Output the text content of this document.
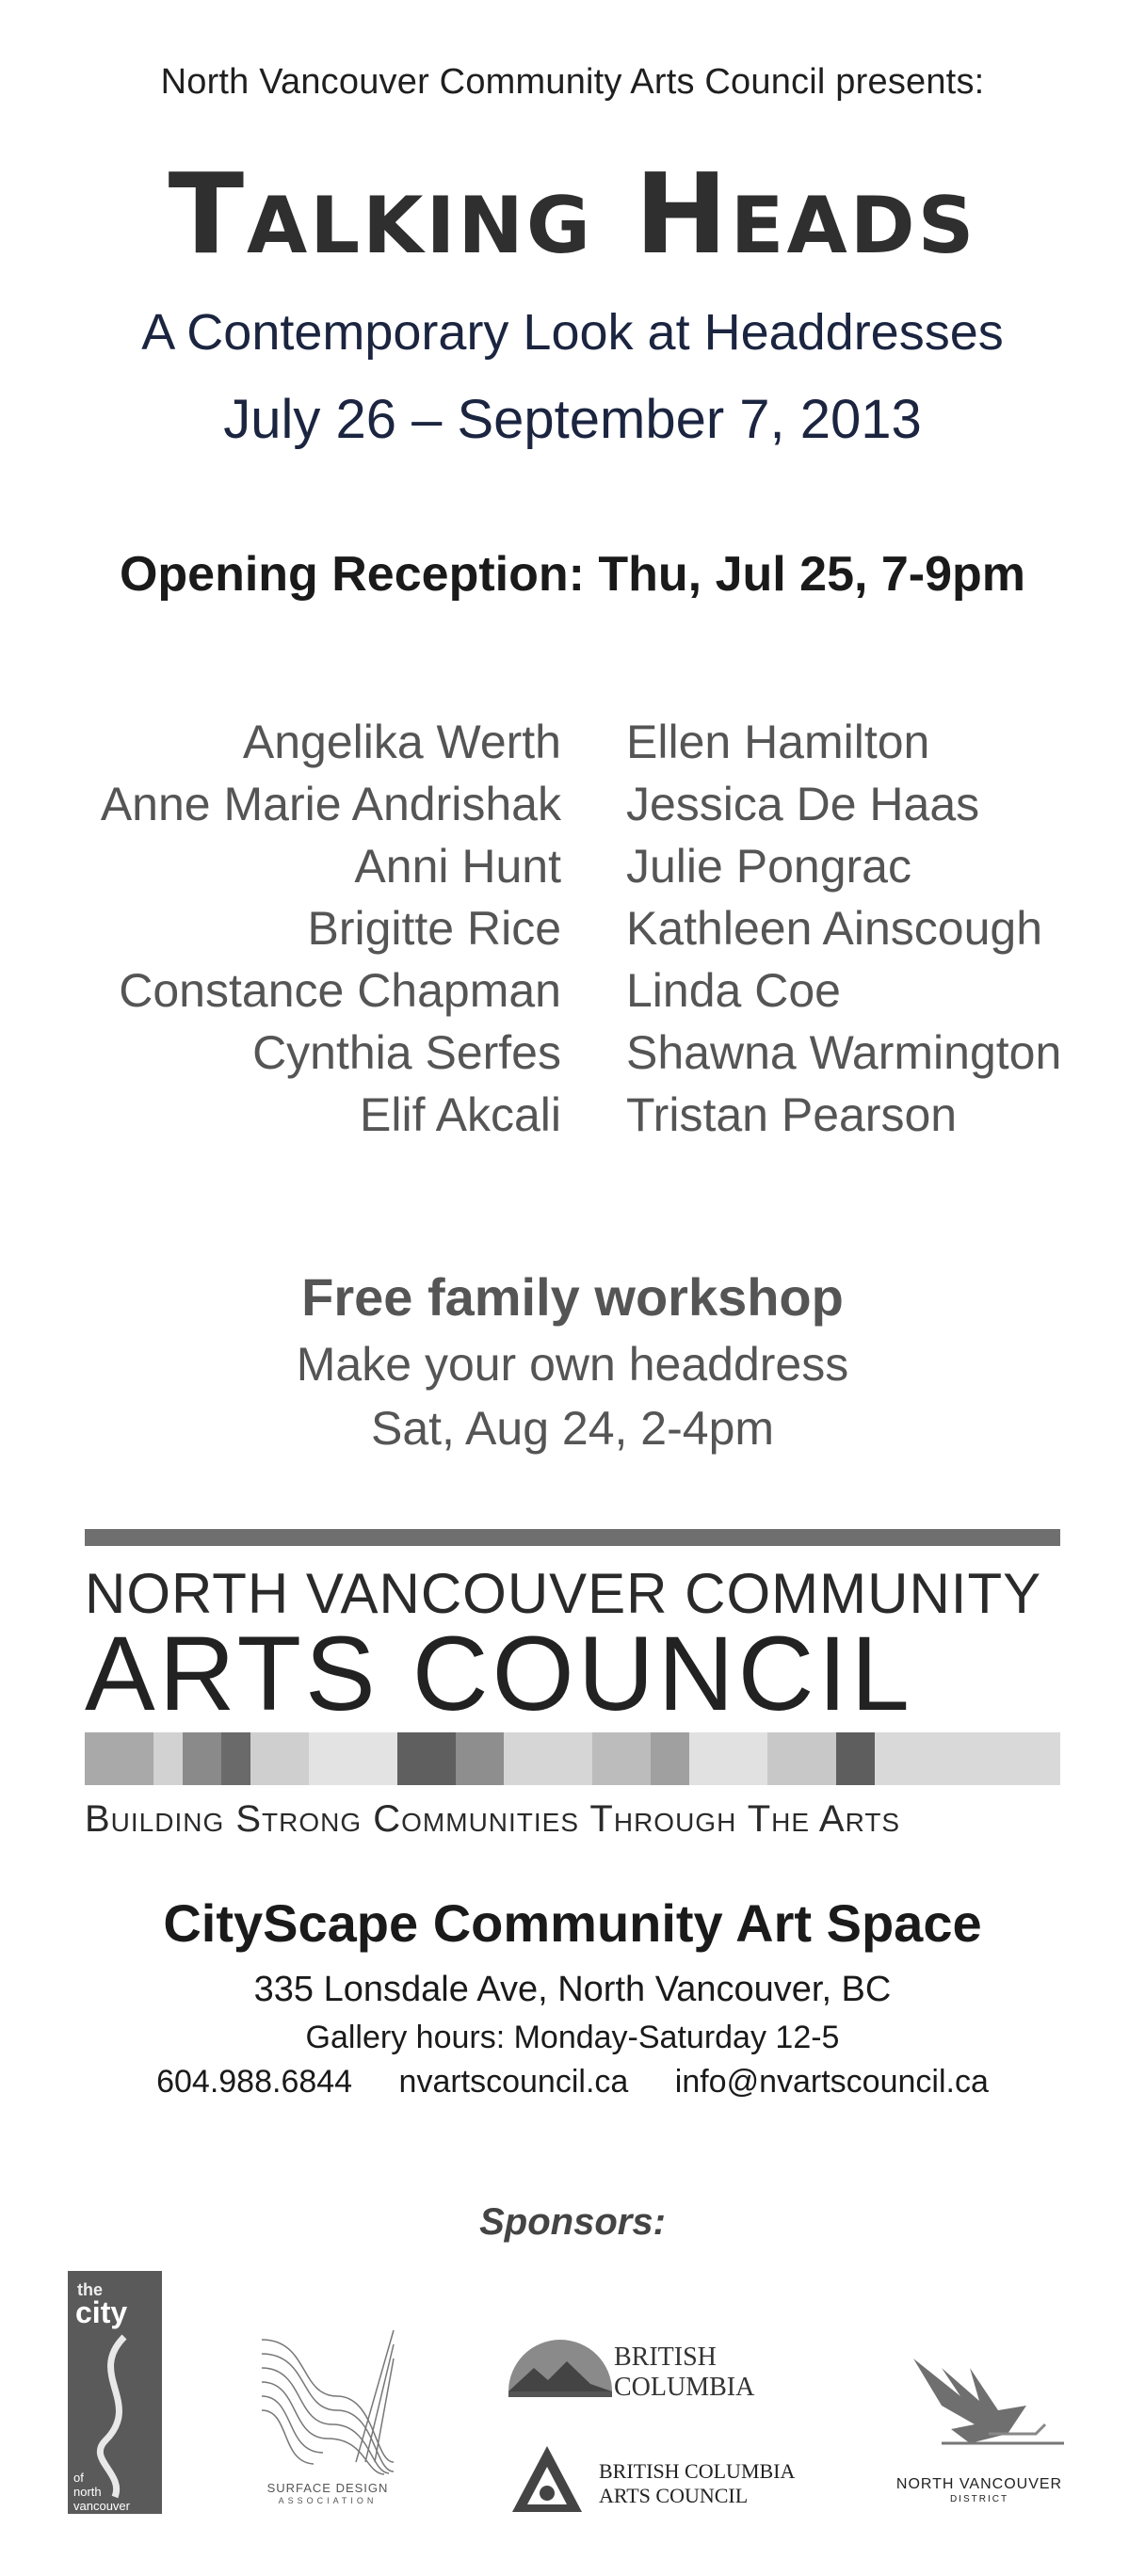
North Vancouver Community Arts Council presents:
Talking Heads
A Contemporary Look at Headdresses
July 26 – September 7, 2013
Opening Reception: Thu, Jul 25, 7-9pm
Angelika Werth
Anne Marie Andrishak
Anni Hunt
Brigitte Rice
Constance Chapman
Cynthia Serfes
Elif Akcali
Ellen Hamilton
Jessica De Haas
Julie Pongrac
Kathleen Ainscough
Linda Coe
Shawna Warmington
Tristan Pearson
Free family workshop
Make your own headdress
Sat, Aug 24, 2-4pm
NORTH VANCOUVER COMMUNITY
ARTS COUNCIL
Building Strong Communities Through The Arts
CityScape Community Art Space
335 Lonsdale Ave, North Vancouver, BC
Gallery hours: Monday-Saturday 12-5
604.988.6844 nvartscouncil.ca info@nvartscouncil.ca
Sponsors:
the
city
of
north
vancouver
SURFACE DESIGN
ASSOCIATION
BRITISH
COLUMBIA
BRITISH COLUMBIA
ARTS COUNCIL	NORTH VANCOUVER
DISTRICT
